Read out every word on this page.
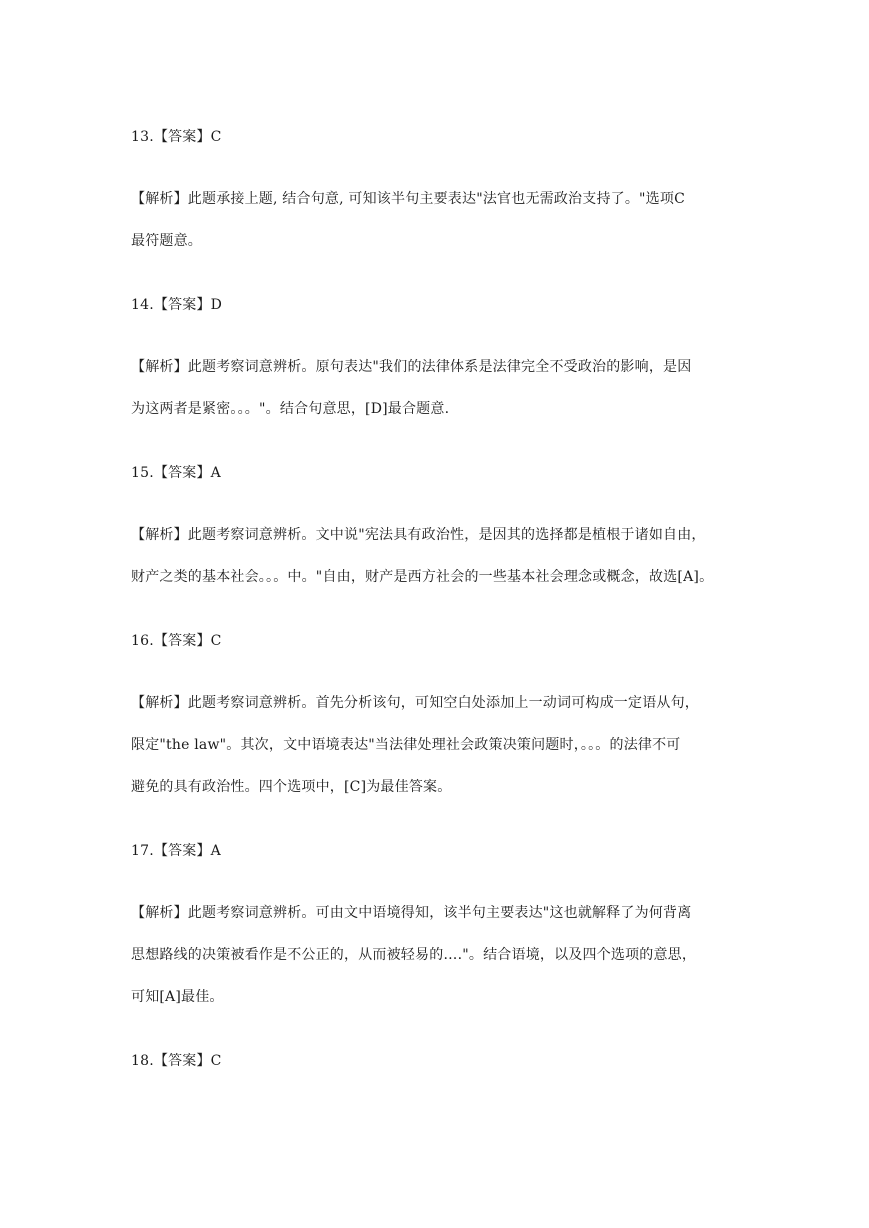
13.【答案】C
【解析】此题承接上题, 结合句意, 可知该半句主要表达"法官也无需政治支持了。"选项C
最符题意。
14.【答案】D
【解析】此题考察词意辨析。原句表达"我们的法律体系是法律完全不受政治的影响，是因
为这两者是紧密。。。"。结合句意思，[D]最合题意.
15.【答案】A
【解析】此题考察词意辨析。文中说"宪法具有政治性，是因其的选择都是植根于诸如自由，
财产之类的基本社会。。。中。"自由，财产是西方社会的一些基本社会理念或概念，故选[A]。
16.【答案】C
【解析】此题考察词意辨析。首先分析该句，可知空白处添加上一动词可构成一定语从句，
限定"the law"。其次，文中语境表达"当法律处理社会政策决策问题时，。。。的法律不可
避免的具有政治性。四个选项中，[C]为最佳答案。
17.【答案】A
【解析】此题考察词意辨析。可由文中语境得知，该半句主要表达"这也就解释了为何背离
思想路线的决策被看作是不公正的，从而被轻易的…."。结合语境，以及四个选项的意思，
可知[A]最佳。
18.【答案】C
